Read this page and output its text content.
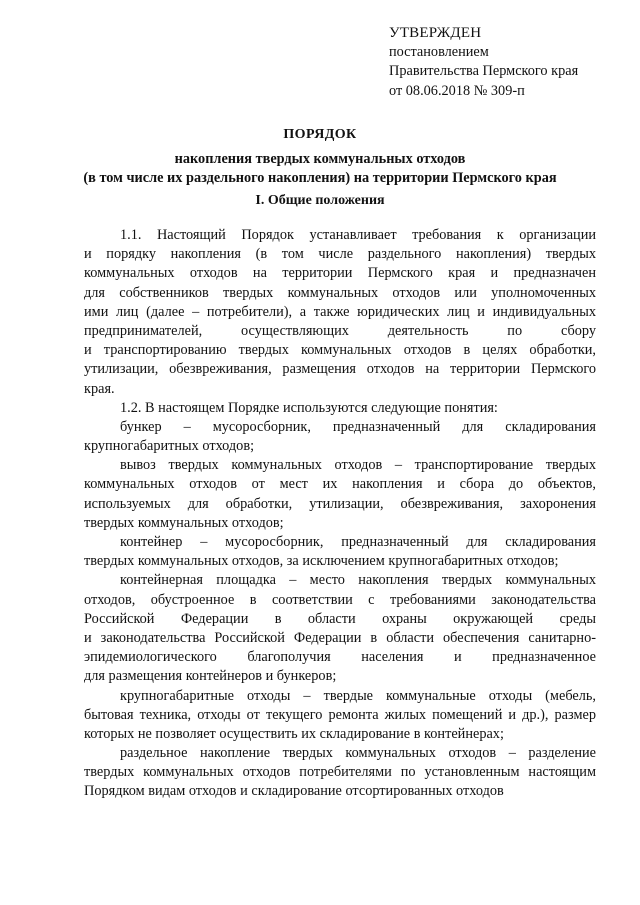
УТВЕРЖДЕН
постановлением
Правительства Пермского края
от 08.06.2018 № 309-п
ПОРЯДОК
накопления твердых коммунальных отходов
(в том числе их раздельного накопления) на территории Пермского края
I. Общие положения
1.1. Настоящий Порядок устанавливает требования к организации
и порядку накопления (в том числе раздельного накопления) твердых
коммунальных отходов на территории Пермского края и предназначен
для собственников твердых коммунальных отходов или уполномоченных
ими лиц (далее – потребители), а также юридических лиц и индивидуальных
предпринимателей, осуществляющих деятельность по сбору
и транспортированию твердых коммунальных отходов в целях обработки,
утилизации, обезвреживания, размещения отходов на территории Пермского
края.
1.2. В настоящем Порядке используются следующие понятия:
бункер – мусоросборник, предназначенный для складирования
крупногабаритных отходов;
вывоз твердых коммунальных отходов – транспортирование твердых
коммунальных отходов от мест их накопления и сбора до объектов,
используемых для обработки, утилизации, обезвреживания, захоронения
твердых коммунальных отходов;
контейнер – мусоросборник, предназначенный для складирования
твердых коммунальных отходов, за исключением крупногабаритных отходов;
контейнерная площадка – место накопления твердых коммунальных
отходов, обустроенное в соответствии с требованиями законодательства
Российской Федерации в области охраны окружающей среды
и законодательства Российской Федерации в области обеспечения санитарно-
эпидемиологического благополучия населения и предназначенное
для размещения контейнеров и бункеров;
крупногабаритные отходы – твердые коммунальные отходы (мебель,
бытовая техника, отходы от текущего ремонта жилых помещений и др.), размер
которых не позволяет осуществить их складирование в контейнерах;
раздельное накопление твердых коммунальных отходов – разделение
твердых коммунальных отходов потребителями по установленным настоящим
Порядком видам отходов и складирование отсортированных отходов
